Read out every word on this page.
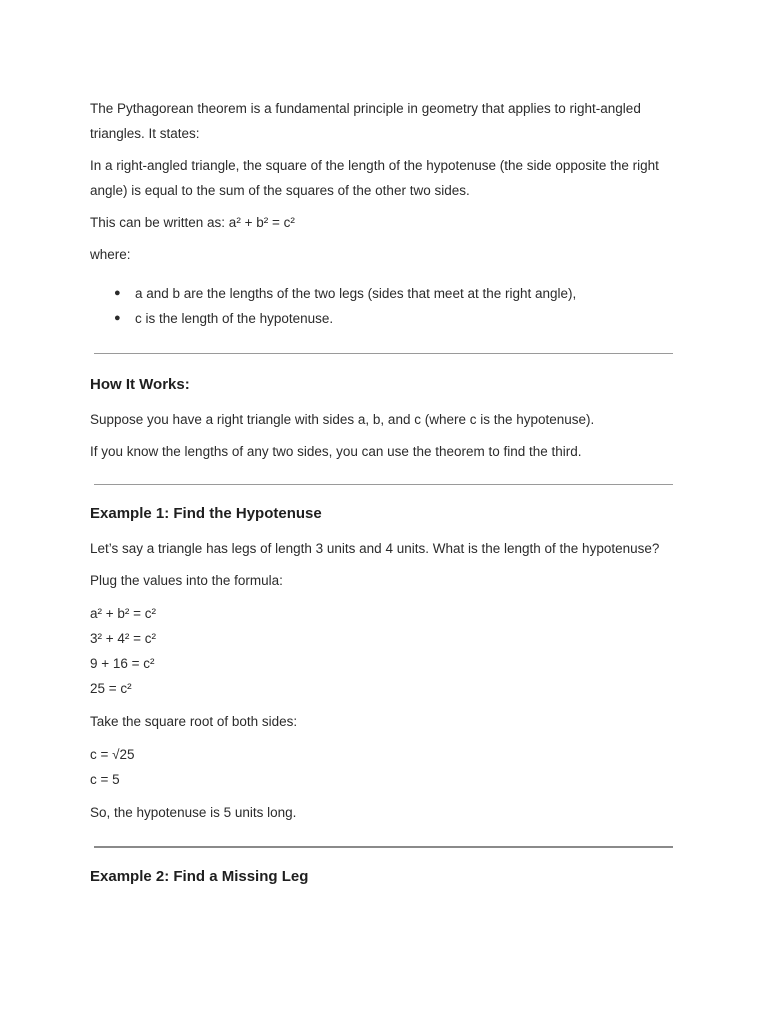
The Pythagorean theorem is a fundamental principle in geometry that applies to right-angled triangles. It states:

In a right-angled triangle, the square of the length of the hypotenuse (the side opposite the right angle) is equal to the sum of the squares of the other two sides.

This can be written as: a² + b² = c²

where:

● a and b are the lengths of the two legs (sides that meet at the right angle),
● c is the length of the hypotenuse.
How It Works:

Suppose you have a right triangle with sides a, b, and c (where c is the hypotenuse).

If you know the lengths of any two sides, you can use the theorem to find the third.

Example 1: Find the Hypotenuse

Let’s say a triangle has legs of length 3 units and 4 units. What is the length of the hypotenuse?

Plug the values into the formula:

a² + b² = c²

3² + 4² = c²

9 + 16 = c²

25 = c²

Take the square root of both sides:

c = √25

c = 5

So, the hypotenuse is 5 units long.

Example 2: Find a Missing Leg
